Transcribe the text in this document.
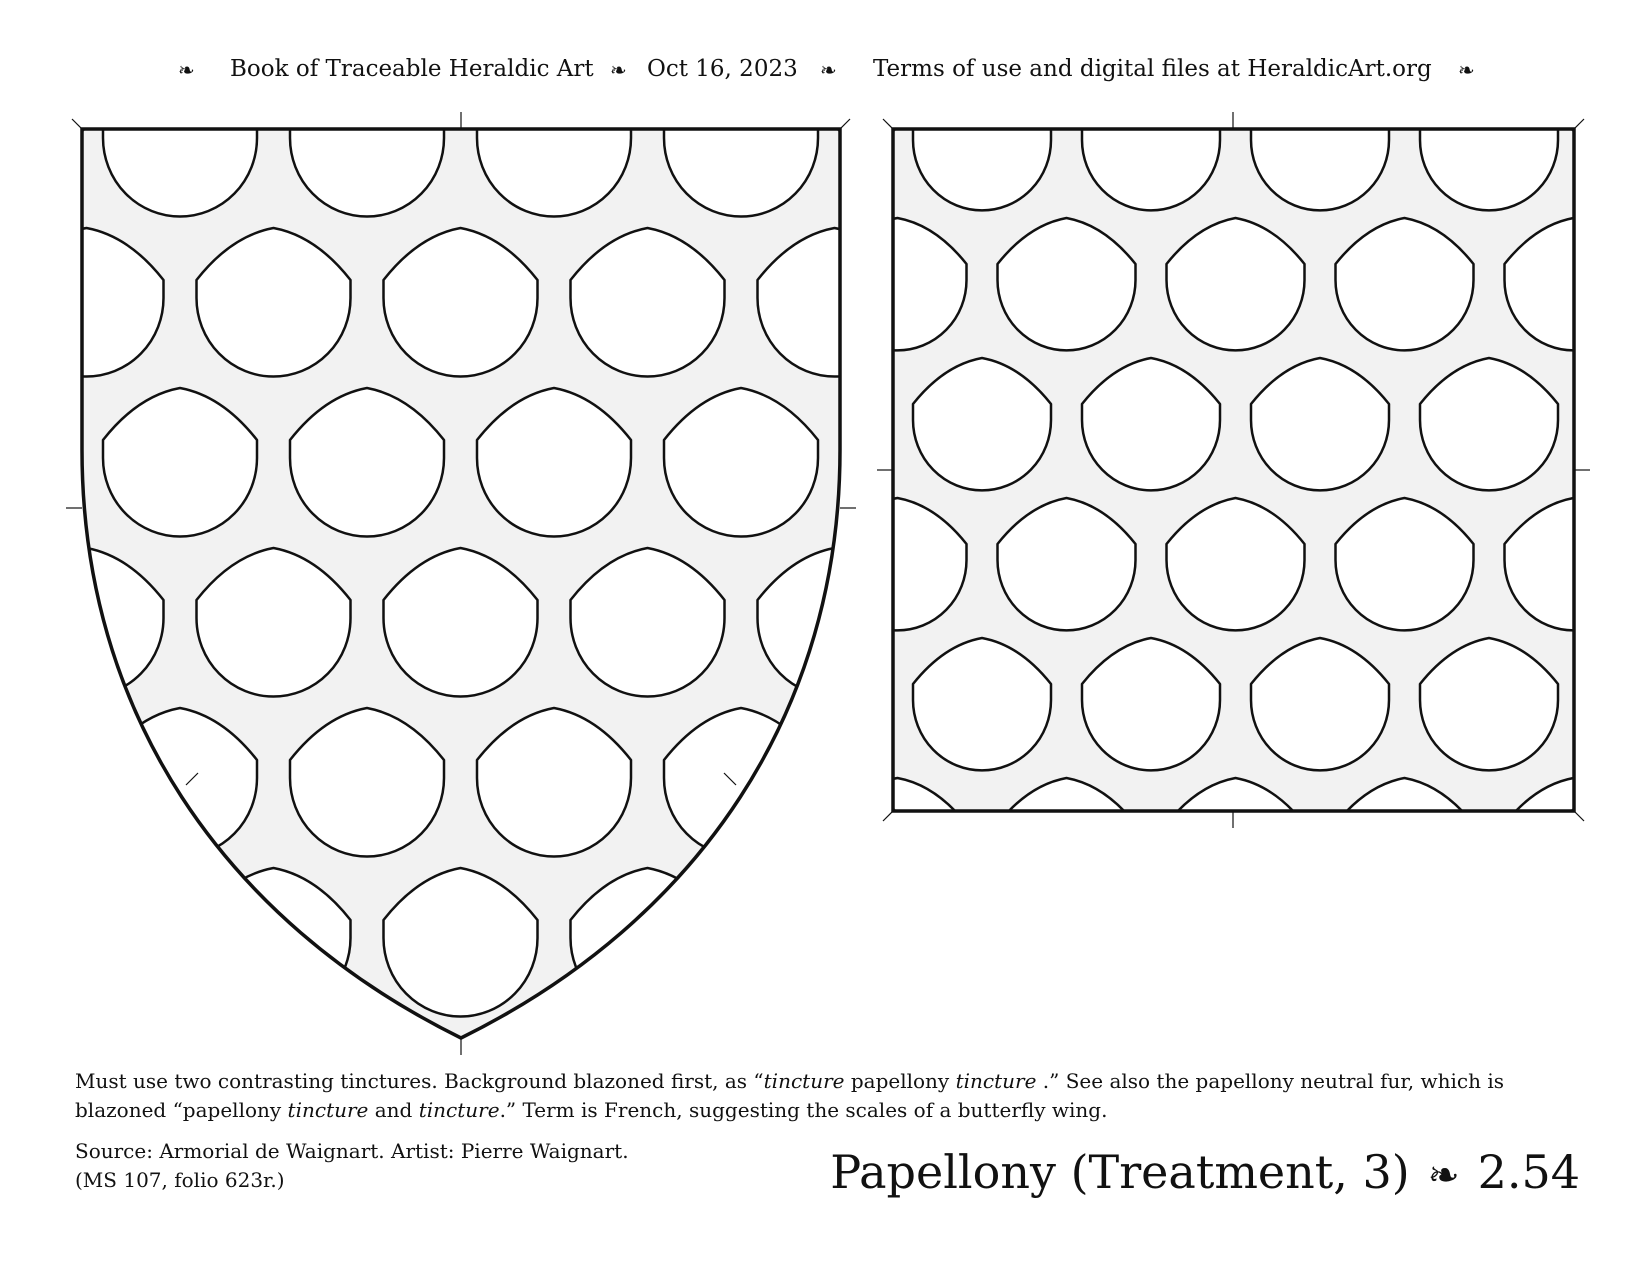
❧ Book of Traceable Heraldic Art ❧ Oct 16, 2023 ❧ Terms of use and digital files at HeraldicArt.org ❧
Must use two contrasting tinctures. Background blazoned first, as “tincture papellony tincture .” See also the papellony neutral fur, which is
blazoned “papellony tincture and tincture.” Term is French, suggesting the scales of a butterfly wing.
Source: Armorial de Waignart. Artist: Pierre Waignart.
(MS 107, folio 623r.)	Papellony (Treatment, 3) ❧ 2.54
